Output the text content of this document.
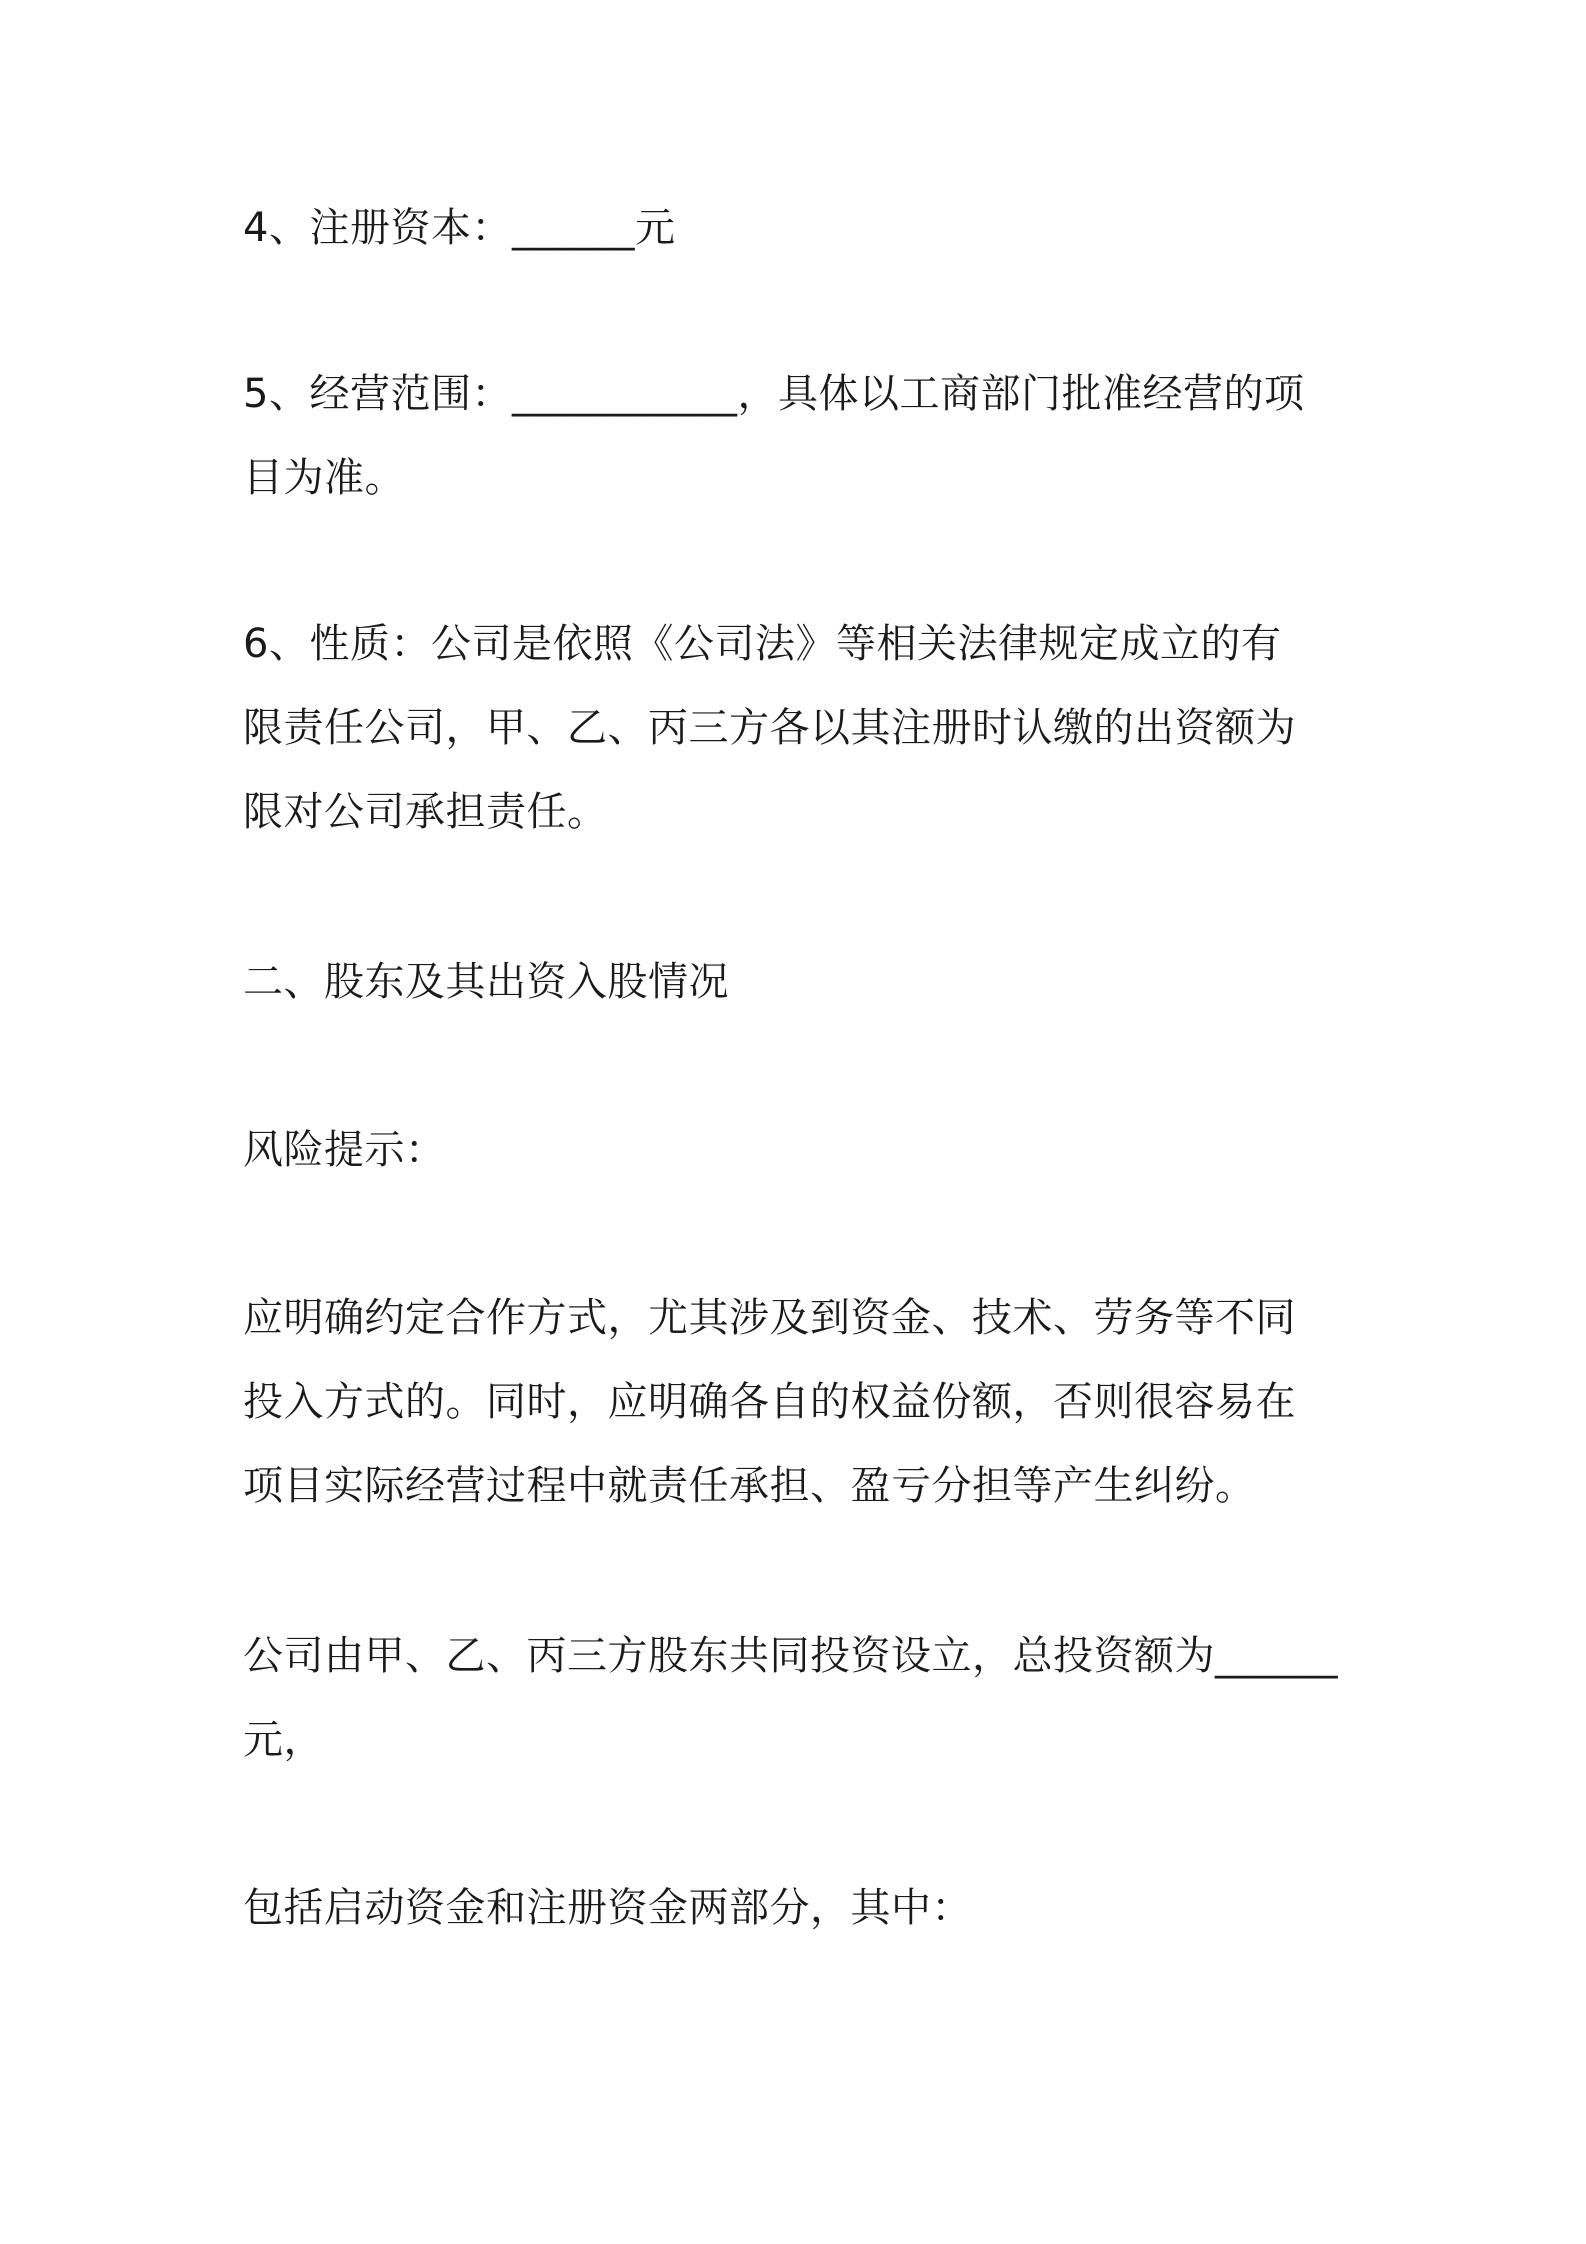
4、注册资本：______元

5、经营范围：___________，具体以工商部门批准经营的项
目为准。

6、性质：公司是依照《公司法》等相关法律规定成立的有
限责任公司，甲、乙、丙三方各以其注册时认缴的出资额为
限对公司承担责任。

二、股东及其出资入股情况

风险提示：

应明确约定合作方式，尤其涉及到资金、技术、劳务等不同
投入方式的。同时，应明确各自的权益份额，否则很容易在
项目实际经营过程中就责任承担、盈亏分担等产生纠纷。

公司由甲、乙、丙三方股东共同投资设立，总投资额为______
元，

包括启动资金和注册资金两部分，其中：
